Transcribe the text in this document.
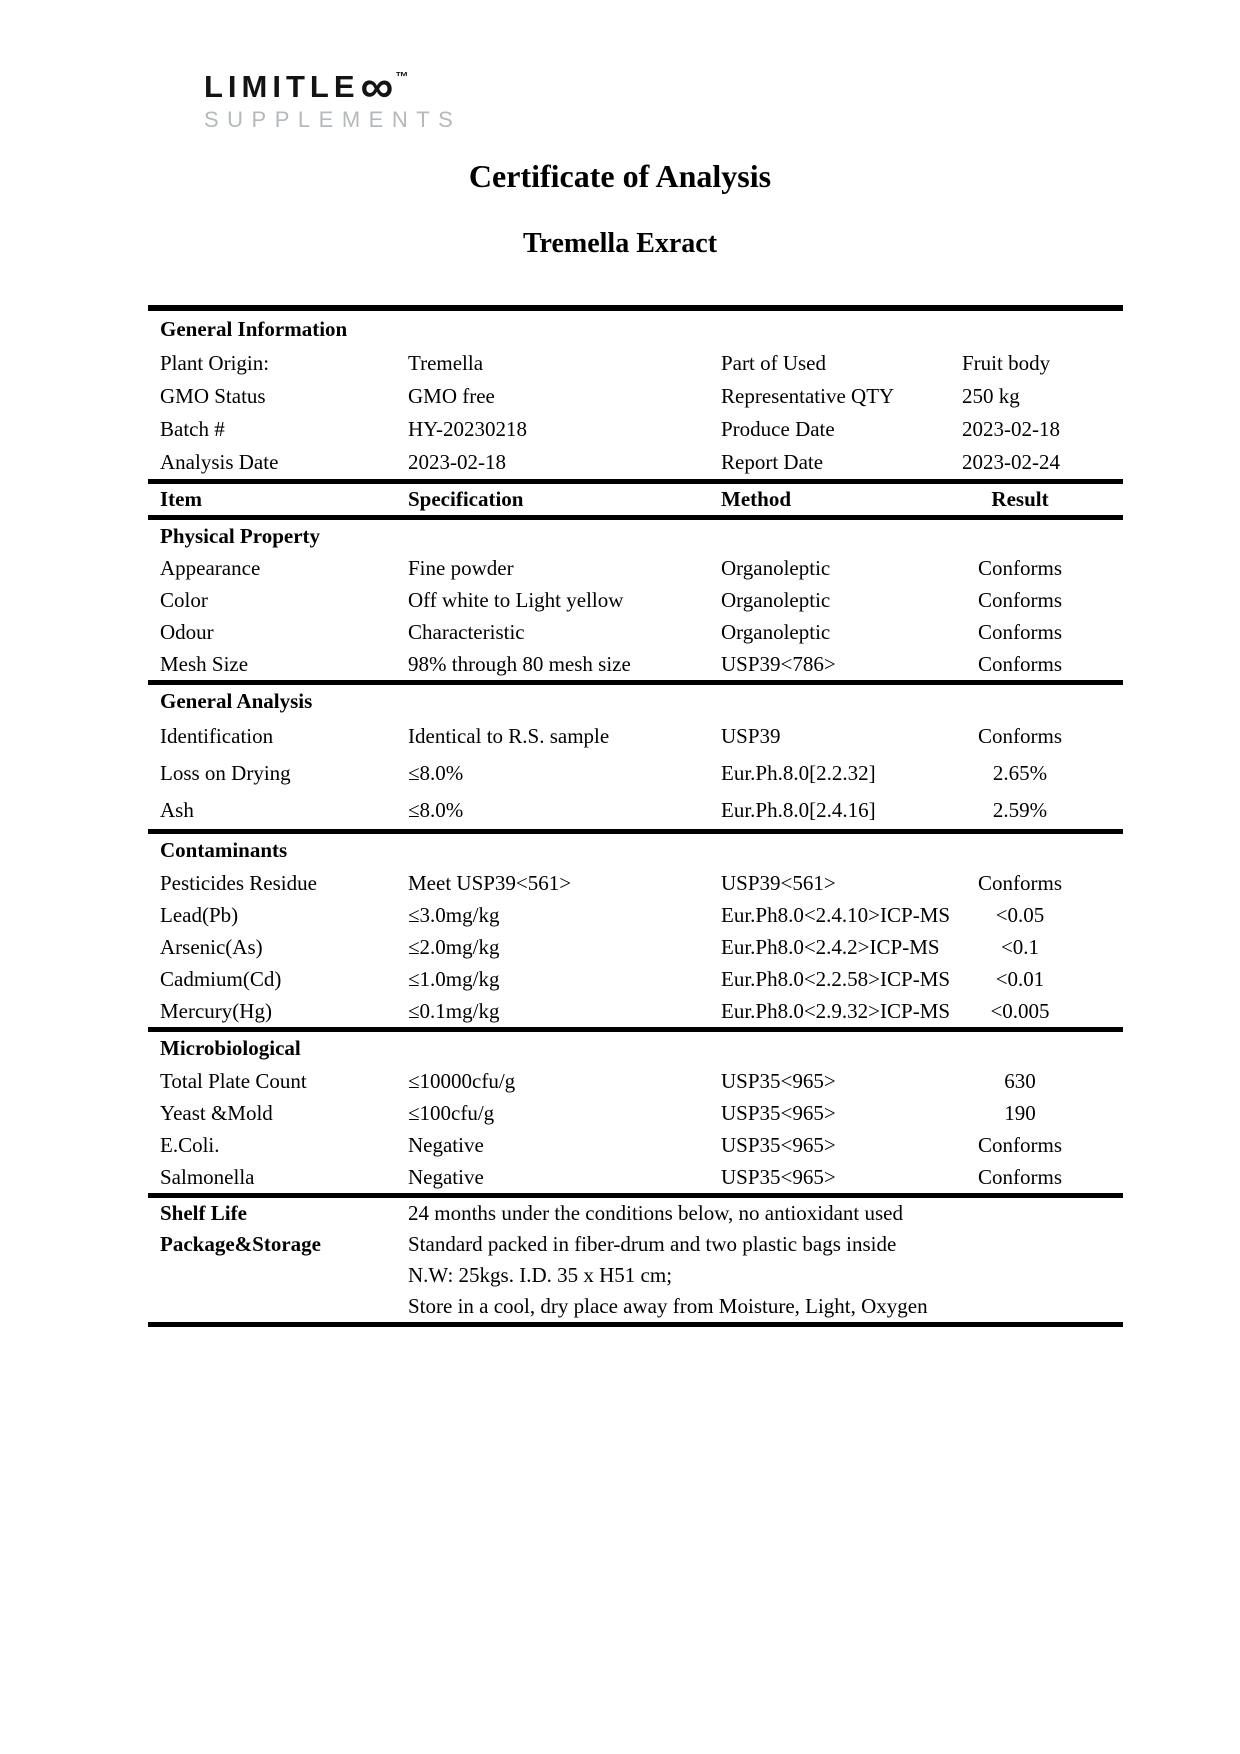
LIMITLE∞ ™
SUPPLEMENTS
Certificate of Analysis
Tremella Exract
General Information
Plant Origin:	Tremella	Part of Used	Fruit body
GMO Status	GMO free	Representative QTY	250 kg
Batch #	HY-20230218	Produce Date	2023-02-18
Analysis Date	2023-02-18	Report Date	2023-02-24
Item	Specification	Method	Result
Physical Property
Appearance	Fine powder	Organoleptic	Conforms
Color	Off white to Light yellow	Organoleptic	Conforms
Odour	Characteristic	Organoleptic	Conforms
Mesh Size	98% through 80 mesh size	USP39<786>	Conforms
General Analysis
Identification	Identical to R.S. sample	USP39	Conforms
Loss on Drying	≤8.0%	Eur.Ph.8.0[2.2.32]	2.65%
Ash	≤8.0%	Eur.Ph.8.0[2.4.16]	2.59%
Contaminants
Pesticides Residue	Meet USP39<561>	USP39<561>	Conforms
Lead(Pb)	≤3.0mg/kg	Eur.Ph8.0<2.4.10>ICP-MS	<0.05
Arsenic(As)	≤2.0mg/kg	Eur.Ph8.0<2.4.2>ICP-MS	<0.1
Cadmium(Cd)	≤1.0mg/kg	Eur.Ph8.0<2.2.58>ICP-MS	<0.01
Mercury(Hg)	≤0.1mg/kg	Eur.Ph8.0<2.9.32>ICP-MS	<0.005
Microbiological
Total Plate Count	≤10000cfu/g	USP35<965>	630
Yeast &Mold	≤100cfu/g	USP35<965>	190
E.Coli.	Negative	USP35<965>	Conforms
Salmonella	Negative	USP35<965>	Conforms
Shelf Life	24 months under the conditions below, no antioxidant used
Package&Storage	Standard packed in fiber-drum and two plastic bags inside
N.W: 25kgs. I.D. 35 x H51 cm;
Store in a cool, dry place away from Moisture, Light, Oxygen
